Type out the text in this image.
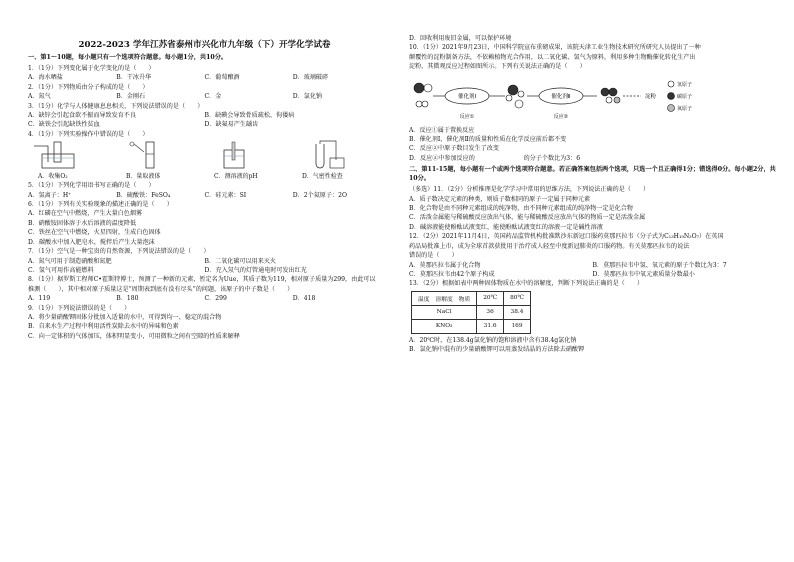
2022-2023 学年江苏省泰州市兴化市九年级（下）开学化学试卷
一、第1～10题，每小题只有一个选项符合题意。每小题1分，共10分。
1．（1分）下列变化属于化学变化的是（　　）
A．海水晒盐	B．干冰升华	C．葡萄酿酒	D．玻璃破碎
2．（1分）下列物质由分子构成的是（　　）
A．氮气	B．金刚石	C．金	D．氯化钠
3．（1分）化学与人体健康息息相关，下列说法错误的是（　　）
A．缺锌会引起食欲不振而导致发育不良	B．缺碘会导致骨质疏松、佝偻病
C．缺铁会引起缺铁性贫血	D．缺氟易产生龋齿
4．（1分）下列实验操作中错误的是（　　）
A．收集O₂	B．量取液体	C．测溶液的pH	D．气密性检查
5．（1分）下列化学用语书写正确的是（　　）
A．氢离子：H⁺	B．硫酸铁：FeSO₄	C．硅元素：SI	D．2个氦原子：2O
6．（1分）下列有关实验现象的描述正确的是（　　）
A．红磷在空气中燃烧，产生大量白色烟雾
B．硝酸铵固体溶于水后溶液的温度降低
C．铁丝在空气中燃烧，火星四射，生成白色固体
D．碳酸水中加入肥皂水，搅拌后产生大量泡沫
7．（1分）空气是一种宝贵的自然资源，下列说法错误的是（　　）
A．氮气可用于制造硝酸和氮肥	B．二氧化碳可以用来灭火
C．氢气可用作高能燃料	D．充入氖气的灯管通电时可发出红光
8．（1分）据罗斯工程师C•霍斯特博士，预测了一种新的元素，暂定名为Uue，其质子数为119，相对原子质量为299，由此可以推测（　　），其中相对原子质量这是“周期表到底有没有尽头”的问题，该原子的中子数是（　　）
A．119	B．180	C．299	D．418
9．（1分）下列说法错误的是（　　）
A．将少量硝酸钾固体分批加入适量的水中，可得到均一、稳定的混合物
B．自来水生产过程中利用活性炭除去水中的异味和色素
C．向一定体积的气体加压，体积明显变小，可用微粒之间有空隙的性质来解释
D．回收利用废旧金属，可以保护环境
10．（1分）2021年9月23日，中国科学院宣布重磅成果，该院天津工业生物技术研究所研究人员提出了一种
颠覆性的淀粉制备方法，不依赖植物光合作用，以二氧化碳、氢气为原料，利用多种生物酶催化转化生产出
淀粉，其微观反应过程如图所示。下列有关说法正确的是（　　）
催化剂Ⅰ
反应①
催化剂Ⅱ
反应②
淀粉
氢原子
碳原子
氧原子
A．反应①属于置换反应
B．催化剂Ⅰ、催化剂Ⅱ的质量和性质在化学反应前后都不变
C．反应②中原子数目发生了改变
D．反应②中参加反应的　　　　　　　　的分子个数比为3：6
二、第11-15题，每小题有一个或两个选项符合题意。若正确答案包括两个选项，只选一个且正确得1分；错选得0分。每小题2分，共10分。
（多选）11．（2分）分析推理是化学学习中常用的思维方法，下列说法正确的是（　　）
A．质子数决定元素的种类，则质子数相同的原子一定属于同种元素
B．化合物是由不同种元素组成的纯净物，由不同种元素组成的纯净物一定是化合物
C．活泼金属能与稀硫酸反应放出气体，能与稀硫酸反应放出气体的物质一定是活泼金属
D．碱溶液能使酚酞试液变红，能使酚酞试液变红的溶液一定是碱性溶液
12．（2分）2021年11月4日，英国药品监管机构批准默沙东新冠口服药莫那匹拉韦（分子式为C₁₃H₁₉N₃O₇）在英国
药品局批准上市，成为全球首款获批用于治疗成人轻至中度新冠肺炎的口服药物。有关莫那匹拉韦的说法
错误的是（　　）
A．莫那匹拉韦属于化合物	B．莫那匹拉韦中氢、氧元素的原子个数比为3：7
C．莫那匹拉韦由42个原子构成	D．莫那匹拉韦中氧元素质量分数最小
13．（2分）根据如表中两种固体物质在水中的溶解度，判断下列说法正确的是（　　）
温度　溶解度　物质	20℃	80℃
NaCl	36	38.4
KNO₃	31.6	169
A．20℃时，在138.4g氯化钠的饱和溶液中含有38.4g氯化钠
B．氯化钠中混有的少量硝酸钾可以用蒸发结晶的方法除去硝酸钾
